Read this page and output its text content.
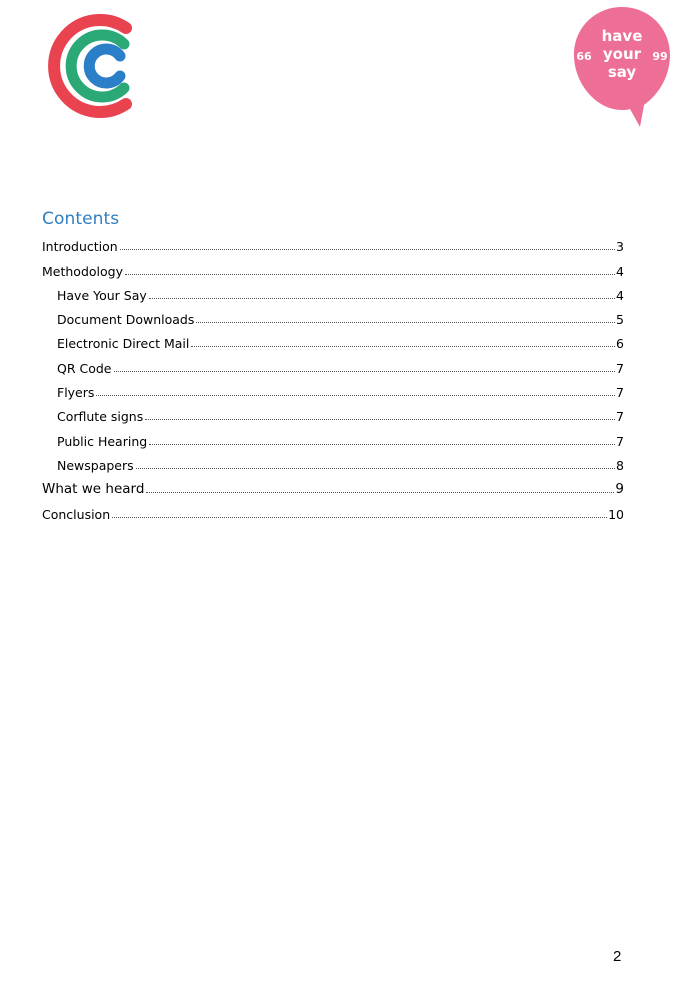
have
your
say
66	99
Contents
Introduction	3
Methodology	4
Have Your Say	4
Document Downloads	5
Electronic Direct Mail	6
QR Code	7
Flyers	7
Corflute signs	7
Public Hearing	7
Newspapers	8
What we heard	9
Conclusion	10
2
